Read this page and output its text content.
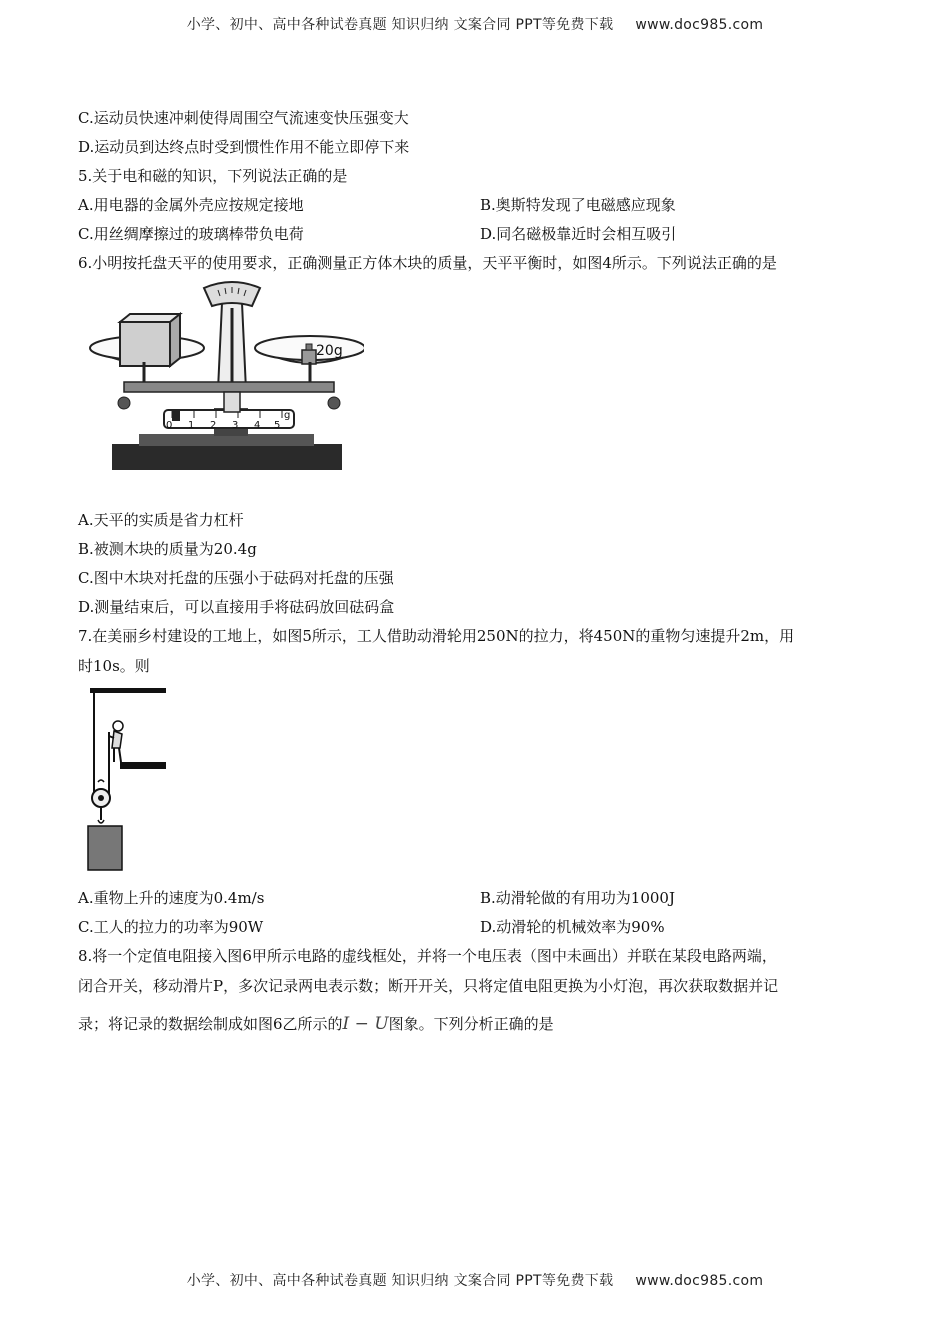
小学、初中、高中各种试卷真题 知识归纳 文案合同 PPT等免费下载 www.doc985.com
C.运动员快速冲刺使得周围空气流速变快压强变大
D.运动员到达终点时受到惯性作用不能立即停下来
5.关于电和磁的知识，下列说法正确的是
A.用电器的金属外壳应按规定接地	B.奥斯特发现了电磁感应现象
C.用丝绸摩擦过的玻璃棒带负电荷	D.同名磁极靠近时会相互吸引
6.小明按托盘天平的使用要求，正确测量正方体木块的质量，天平平衡时，如图4所示。下列说法正确的是
20g
0 1 2 3 4 5
g
A.天平的实质是省力杠杆
B.被测木块的质量为20.4g
C.图中木块对托盘的压强小于砝码对托盘的压强
D.测量结束后，可以直接用手将砝码放回砝码盒
7.在美丽乡村建设的工地上，如图5所示，工人借助动滑轮用250N的拉力，将450N的重物匀速提升2m，用
时10s。则
A.重物上升的速度为0.4m/s	B.动滑轮做的有用功为1000J
C.工人的拉力的功率为90W	D.动滑轮的机械效率为90%
8.将一个定值电阻接入图6甲所示电路的虚线框处，并将一个电压表（图中未画出）并联在某段电路两端，
闭合开关，移动滑片P，多次记录两电表示数；断开开关，只将定值电阻更换为小灯泡，再次获取数据并记
录；将记录的数据绘制成如图6乙所示的I − U图象。下列分析正确的是
小学、初中、高中各种试卷真题 知识归纳 文案合同 PPT等免费下载 www.doc985.com
